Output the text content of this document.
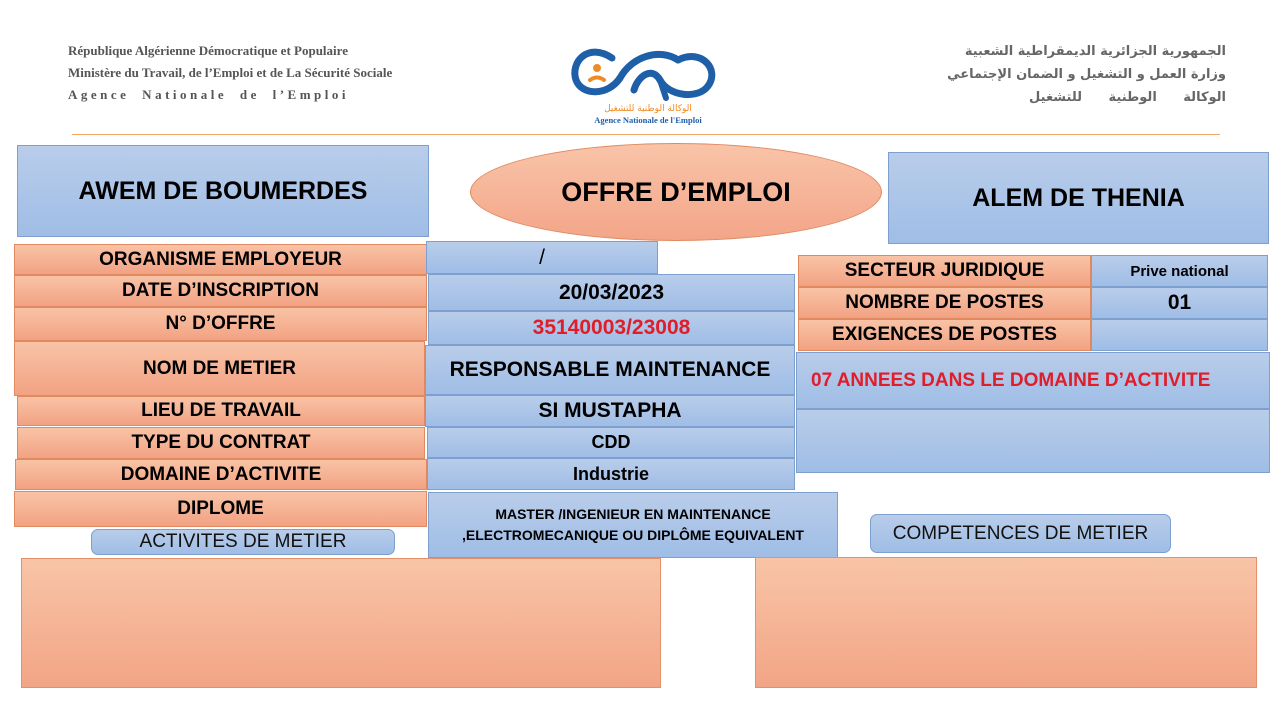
République Algérienne Démocratique et Populaire
Ministère du Travail, de l’Emploi et de La Sécurité Sociale
Agence Nationale de l’Emploi
الوكالة الوطنية للتشغيل
Agence Nationale de l'Emploi
الجمهورية الجزائرية الديمقراطية الشعبية
وزارة العمل و التشغيل و الضمان الإجتماعي
الوكالة الوطنية للتشغيل
AWEM DE BOUMERDES	OFFRE D’EMPLOI	ALEM DE THENIA
ORGANISME EMPLOYEUR	/
DATE D’INSCRIPTION	20/03/2023
N° D’OFFRE	35140003/23008
NOM DE METIER	RESPONSABLE MAINTENANCE
LIEU DE TRAVAIL	SI MUSTAPHA
TYPE DU CONTRAT	CDD
DOMAINE D’ACTIVITE	Industrie
DIPLOME	MASTER /INGENIEUR EN MAINTENANCE
,ELECTROMECANIQUE OU DIPLÔME EQUIVALENT
SECTEUR JURIDIQUE	Prive national
NOMBRE DE POSTES	01
EXIGENCES DE POSTES
07 ANNEES DANS LE DOMAINE D’ACTIVITE
ACTIVITES DE METIER	COMPETENCES DE METIER
